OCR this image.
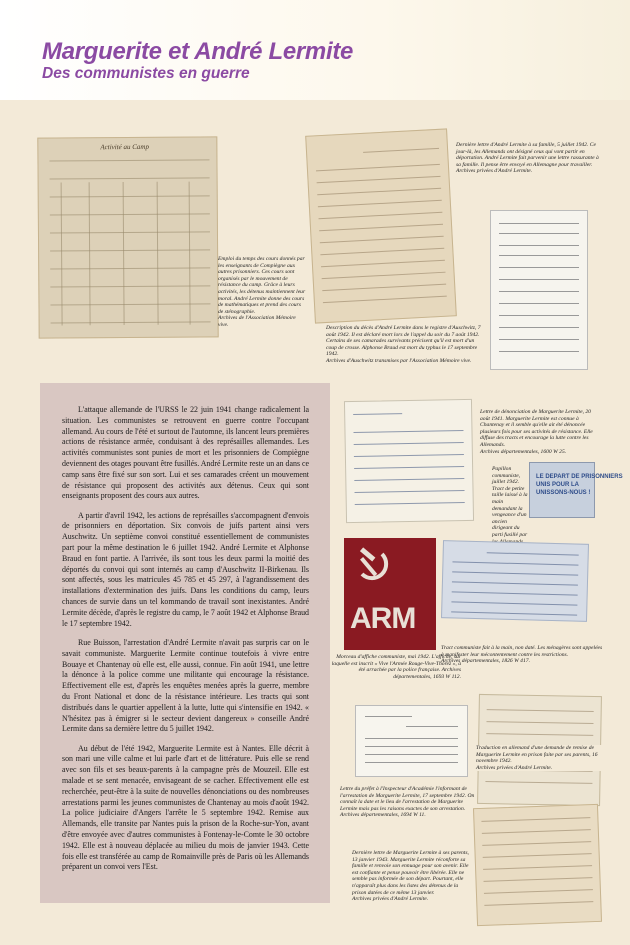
Marguerite et André Lermite
Des communistes en guerre
Activité au Camp

Emploi du temps des cours donnés par les enseignants de Compiègne aux autres prisonniers. Ces cours sont organisés par le mouvement de résistance du camp. Grâce à leurs activités, les détenus maintiennent leur moral. André Lermite donne des cours de mathématiques et prend des cours de sténographie.
Archives de l'Association Mémoire vive.

Dernière lettre d'André Lermite à sa famille, 5 juillet 1942. Ce jour-là, les Allemands ont désigné ceux qui vont partir en déportation. André Lermite fait parvenir une lettre rassurante à sa famille. Il pense être envoyé en Allemagne pour travailler.
Archives privées d'André Lermite.

Description du décès d'André Lermite dans le registre d'Auschwitz, 7 août 1942. Il est déclaré mort lors de l'appel du soir du 7 août 1942. Certains de ses camarades survivants précisent qu'il est mort d'un coup de crosse. Alphonse Braud est mort du typhus le 17 septembre 1942.
Archives d'Auschwitz transmises par l'Association Mémoire vive.

L'attaque allemande de l'URSS le 22 juin 1941 change radicalement la situation. Les communistes se retrouvent en guerre contre l'occupant allemand. Au cours de l'été et surtout de l'automne, ils lancent leurs premières actions de résistance armée, conduisant à des représailles allemandes. Les activités communistes sont punies de mort et les prisonniers de Compiègne deviennent des otages pouvant être fusillés. André Lermite reste un an dans ce camp sans être fixé sur son sort. Lui et ses camarades créent un mouvement de résistance qui proposent des activités aux détenus. Ceux qui sont enseignants proposent des cours aux autres.

A partir d'avril 1942, les actions de représailles s'accompagnent d'envois de prisonniers en déportation. Six convois de juifs partent ainsi vers Auschwitz. Un septième convoi constitué essentiellement de communistes part pour la même destination le 6 juillet 1942. André Lermite et Alphonse Braud en font partie. A l'arrivée, ils sont tous les deux parmi la moitié des déportés du convoi qui sont internés au camp d'Auschwitz II-Birkenau. Ils sont affectés, sous les matricules 45 785 et 45 297, à l'agrandissement des installations d'extermination des juifs. Dans les conditions du camp, leurs chances de survie dans un tel kommando de travail sont inexistantes. André Lermite décède, d'après le registre du camp, le 7 août 1942 et Alphonse Braud le 17 septembre 1942.

Rue Buisson, l'arrestation d'André Lermite n'avait pas surpris car on le savait communiste. Marguerite Lermite continue toutefois à vivre entre Bouaye et Chantenay où elle est, elle aussi, connue. Fin août 1941, une lettre la dénonce à la police comme une militante qui encourage la résistance. Effectivement elle est, d'après les enquêtes menées après la guerre, membre du Front National et donc de la résistance intérieure. Les tracts qui sont distribués dans le quartier appellent à la lutte, lutte qui s'intensifie en 1942. « N'hésitez pas à émigrer si le secteur devient dangereux » conseille André Lermite dans sa dernière lettre du 5 juillet 1942.

Au début de l'été 1942, Marguerite Lermite est à Nantes. Elle décrit à son mari une ville calme et lui parle d'art et de littérature. Puis elle se rend avec son fils et ses beaux-parents à la campagne près de Mouzeil. Elle est malade et se sent menacée, envisageant de se cacher. Effectivement elle est recherchée, peut-être à la suite de nouvelles dénonciations ou des nombreuses arrestations parmi les jeunes communistes de Chantenay au mois d'août 1942. La police judiciaire d'Angers l'arrête le 5 septembre 1942. Remise aux Allemands, elle transite par Nantes puis la prison de la Roche-sur-Yon, avant d'être envoyée avec d'autres communistes à Fontenay-le-Comte le 30 octobre 1942. Elle est à nouveau déplacée au milieu du mois de janvier 1943. Cette fois elle est transférée au camp de Romainville près de Paris où les Allemands préparent un convoi vers l'Est.

Lettre de dénonciation de Marguerite Lermite, 20 août 1941. Marguerite Lermite est connue à Chantenay et il semble qu'elle ait été dénoncée plusieurs fois pour ses activités de résistance. Elle diffuse des tracts et encourage la lutte contre les Allemands.
Archives départementales, 1600 W 25.

Papillon communiste, juillet 1942. Tract de petite taille laissé à la main demandant la vengeance d'un ancien dirigeant du parti fusillé par

LE DEPART DE PRISONNIERS
UNIS POUR LA
UNISSONS-NOUS !
ARM

Morceau d'affiche communiste, mai 1942. L'affiche, sur laquelle est inscrit « Vive l'Armée Rouge-Vive-Thorez », a été arrachée par la police française. Archives départementales, 1693 W 112.

Tract communiste fait à la main, non daté. Les ménagères sont appelées à manifester leur mécontentement contre les restrictions.
Archives départementales, 1826 W 417.

Lettre du préfet à l'Inspecteur d'Académie l'informant de l'arrestation de Marguerite Lermite, 17 septembre 1942. On connaît la date et le lieu de l'arrestation de Marguerite Lermite mais pas les raisons exactes de son arrestation.
Archives départementales, 1694 W 11.

Traduction en allemand d'une demande de remise de Marguerite Lermite en prison faite par ses parents, 16 novembre 1942.
Archives privées d'André Lermite.

Dernière lettre de Marguerite Lermite à ses parents, 13 janvier 1943. Marguerite Lermite réconforte sa famille et renvoie son ennuage pour son avenir. Elle est confiante et pense pouvoir être libérée. Elle ne semble pas informée de son départ. Pourtant, elle n'apparaît plus dans les listes des détenus de la prison datées de ce même 13 janvier.
Archives privées d'André Lermite.
